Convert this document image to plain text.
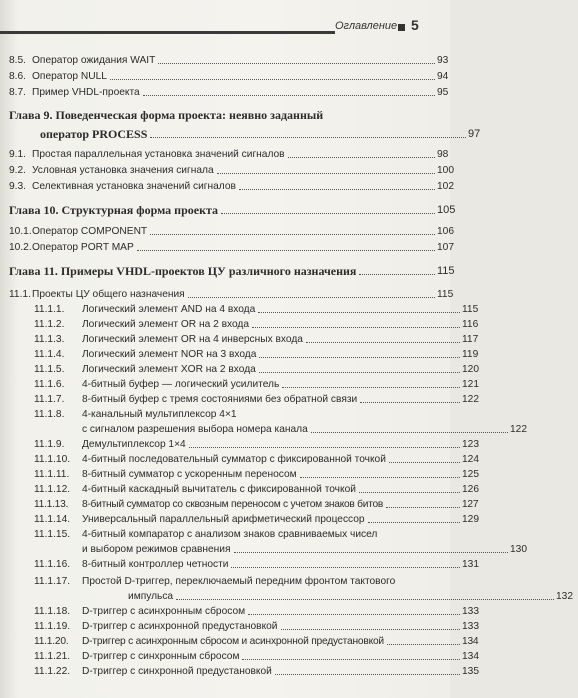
Оглавление 5
8.5. Оператор ожидания WAIT	93
8.6. Оператор NULL	94
8.7. Пример VHDL-проекта	95
Глава 9. Поведенческая форма проекта: неявно заданный
оператор PROCESS	97
9.1. Простая параллельная установка значений сигналов	98
9.2. Условная установка значения сигнала	100
9.3. Селективная установка значений сигналов	102
Глава 10. Структурная форма проекта	105
10.1. Оператор COMPONENT	106
10.2. Оператор PORT MAP	107
Глава 11. Примеры VHDL-проектов ЦУ различного назначения	115
11.1. Проекты ЦУ общего назначения	115
11.1.1.	Логический элемент AND на 4 входа	115
11.1.2.	Логический элемент OR на 2 входа	116
11.1.3.	Логический элемент OR на 4 инверсных входа	117
11.1.4.	Логический элемент NOR на 3 входа	119
11.1.5.	Логический элемент XOR на 2 входа	120
11.1.6.	4-битный буфер — логический усилитель	121
11.1.7.	8-битный буфер с тремя состояниями без обратной связи	122
11.1.8.	4-канальный мультиплексор 4×1
с сигналом разрешения выбора номера канала	122
11.1.9.	Демультиплексор 1×4	123
11.1.10.	4-битный последовательный сумматор с фиксированной точкой	124
11.1.11.	8-битный сумматор с ускоренным переносом	125
11.1.12.	4-битный каскадный вычитатель с фиксированной точкой	126
11.1.13.	8-битный сумматор со сквозным переносом с учетом знаков битов	127
11.1.14.	Универсальный параллельный арифметический процессор	129
11.1.15.	4-битный компаратор с анализом знаков сравниваемых чисел
и выбором режимов сравнения	130
11.1.16.	8-битный контроллер четности	131
11.1.17.	Простой D-триггер, переключаемый передним фронтом тактового
импульса	132
11.1.18.	D-триггер с асинхронным сбросом	133
11.1.19.	D-триггер с асинхронной предустановкой	133
11.1.20.	D-триггер с асинхронным сбросом и асинхронной предустановкой	134
11.1.21.	D-триггер с синхронным сбросом	134
11.1.22.	D-триггер с синхронной предустановкой	135
